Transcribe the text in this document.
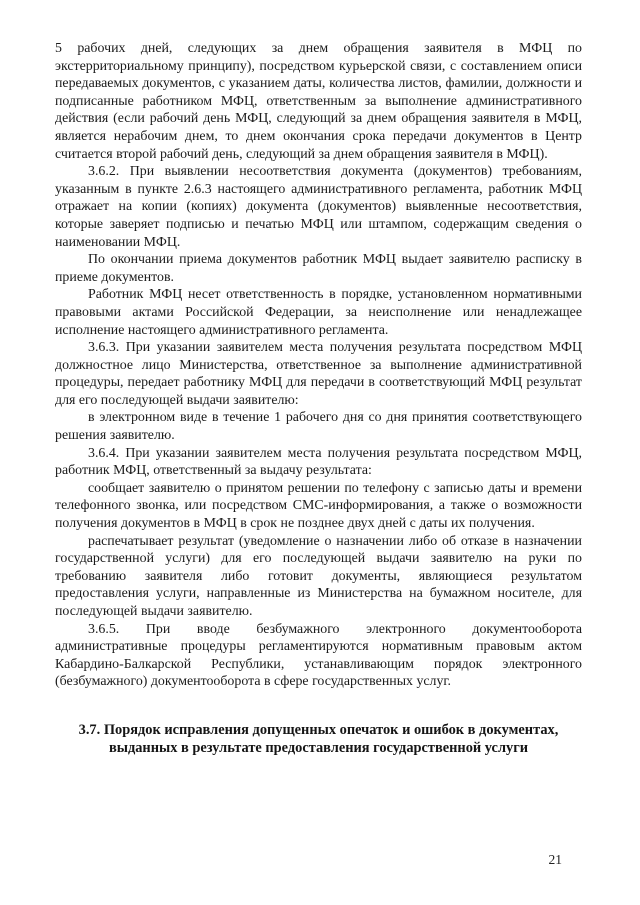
5 рабочих дней, следующих за днем обращения заявителя в МФЦ по экстерриториальному принципу), посредством курьерской связи, с составлением описи передаваемых документов, с указанием даты, количества листов, фамилии, должности и подписанные работником МФЦ, ответственным за выполнение административного действия (если рабочий день МФЦ, следующий за днем обращения заявителя в МФЦ, является нерабочим днем, то днем окончания срока передачи документов в Центр считается второй рабочий день, следующий за днем обращения заявителя в МФЦ).

3.6.2. При выявлении несоответствия документа (документов) требованиям, указанным в пункте 2.6.3 настоящего административного регламента, работник МФЦ отражает на копии (копиях) документа (документов) выявленные несоответствия, которые заверяет подписью и печатью МФЦ или штампом, содержащим сведения о наименовании МФЦ.

По окончании приема документов работник МФЦ выдает заявителю расписку в приеме документов.

Работник МФЦ несет ответственность в порядке, установленном нормативными правовыми актами Российской Федерации, за неисполнение или ненадлежащее исполнение настоящего административного регламента.

3.6.3. При указании заявителем места получения результата посредством МФЦ должностное лицо Министерства, ответственное за выполнение административной процедуры, передает работнику МФЦ для передачи в соответствующий МФЦ результат для его последующей выдачи заявителю:

в электронном виде в течение 1 рабочего дня со дня принятия соответствующего решения заявителю.

3.6.4. При указании заявителем места получения результата посредством МФЦ, работник МФЦ, ответственный за выдачу результата:

сообщает заявителю о принятом решении по телефону с записью даты и времени телефонного звонка, или посредством СМС-информирования, а также о возможности получения документов в МФЦ в срок не позднее двух дней с даты их получения.

распечатывает результат (уведомление о назначении либо об отказе в назначении государственной услуги) для его последующей выдачи заявителю на руки по требованию заявителя либо готовит документы, являющиеся результатом предоставления услуги, направленные из Министерства на бумажном носителе, для последующей выдачи заявителю.

3.6.5. При вводе безбумажного электронного документооборота административные процедуры регламентируются нормативным правовым актом Кабардино-Балкарской Республики, устанавливающим порядок электронного (безбумажного) документооборота в сфере государственных услуг.

3.7. Порядок исправления допущенных опечаток и ошибок в документах, выданных в результате предоставления государственной услуги
21
